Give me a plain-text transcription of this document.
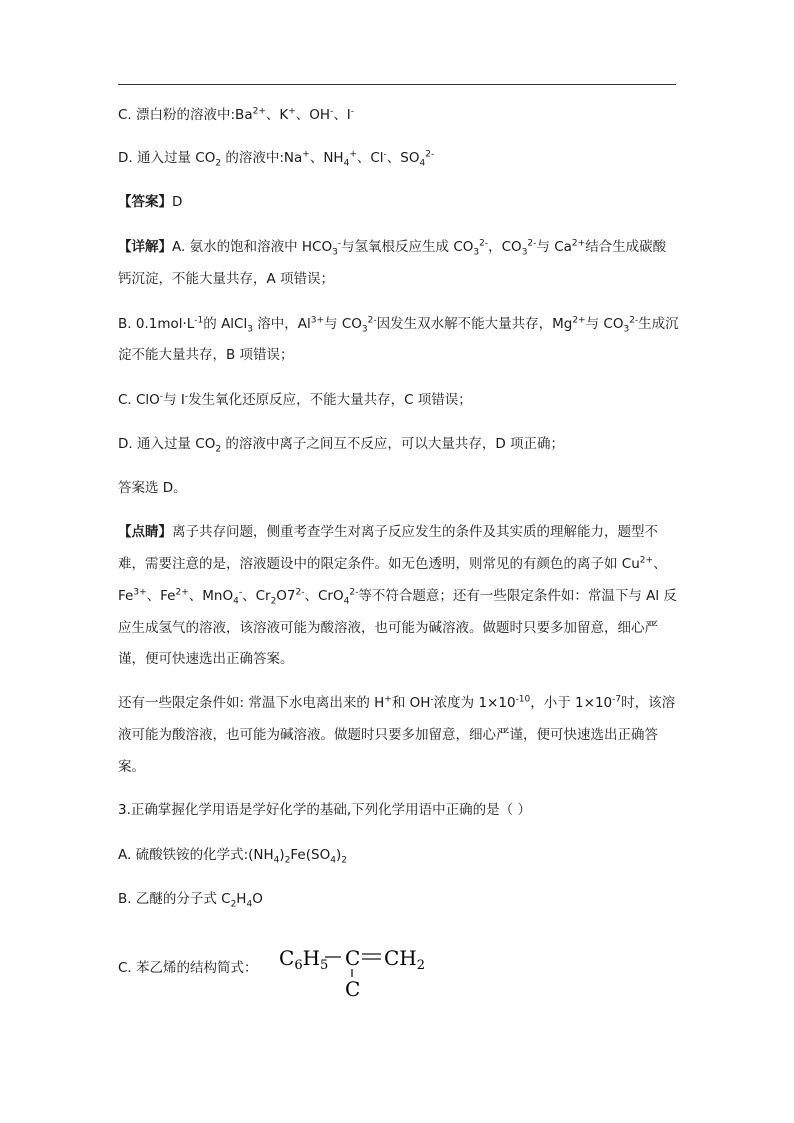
C. 漂白粉的溶液中$:Ba^{2+}$、K+、OH-、I-
D. 通入过量 $CO_2$ 的溶液中:Na+、$NH_4^+$、Cl-、$SO_4^{2-}$
【答案】D
【详解】A. 氨水的饱和溶液中 $HCO_3^-$与氢氧根反应生成 $CO_3^{2-}$，$CO_3^{2-}$与 $Ca^{2+}$结合生成碳酸
钙沉淀，不能大量共存，A 项错误；
B. $0.1mol\cdot L^{-1}$的 AlCl$_3$ 溶中，$Al^{3+}$与 $CO_3^{2-}$因发生双水解不能大量共存，$Mg^{2+}$与 $CO_3^{2-}$生成沉
淀不能大量共存，B 项错误；
C. ClO-与 I-发生氧化还原反应，不能大量共存，C 项错误；
D. 通入过量 $CO_2$ 的溶液中离子之间互不反应，可以大量共存，D 项正确；
答案选 D。
【点睛】离子共存问题，侧重考查学生对离子反应发生的条件及其实质的理解能力，题型不
难，需要注意的是，溶液题设中的限定条件。如无色透明，则常见的有颜色的离子如 $Cu^{2+}$、
$Fe^{3+}$、$Fe^{2+}$、MnO$_4$-、$Cr_2O7^{2-}$、CrO$_4^{2-}$等不符合题意；还有一些限定条件如：常温下与 Al 反
应生成氢气的溶液，该溶液可能为酸溶液，也可能为碱溶液。做题时只要多加留意，细心严
谨，便可快速选出正确答案。
还有一些限定条件如: 常温下水电离出来的 H+和 OH-浓度为 $1\times 10^{-10}$，小于 $1\times 10^{-7}$时，该溶
液可能为酸溶液，也可能为碱溶液。做题时只要多加留意，细心严谨，便可快速选出正确答
案。
3.正确掌握化学用语是学好化学的基础,下列化学用语中正确的是（ ）
A. 硫酸铁铵的化学式$:(NH_4)_2Fe(SO_4)_2$
B. 乙醚的分子式 $C_2H_4O$
C. 苯乙烯的结构简式： $C_6H_5$ C $CH_2$
C
